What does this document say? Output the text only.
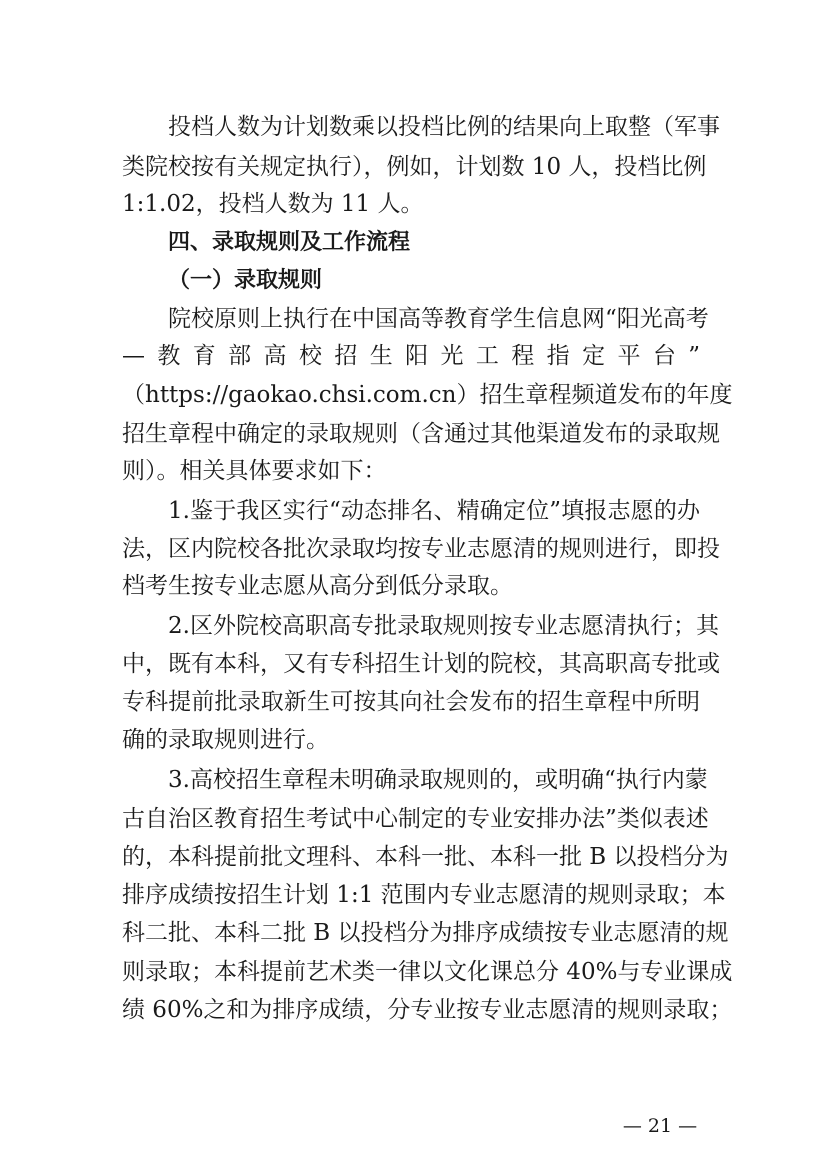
投档人数为计划数乘以投档比例的结果向上取整（军事
类院校按有关规定执行），例如，计划数 10 人，投档比例
1:1.02，投档人数为 11 人。
四、录取规则及工作流程
（一）录取规则
院校原则上执行在中国高等教育学生信息网“阳光高考
—教育部高校招生阳光工程指定平台”
（https://gaokao.chsi.com.cn）招生章程频道发布的年度
招生章程中确定的录取规则（含通过其他渠道发布的录取规
则）。相关具体要求如下：
1.鉴于我区实行“动态排名、精确定位”填报志愿的办
法，区内院校各批次录取均按专业志愿清的规则进行，即投
档考生按专业志愿从高分到低分录取。
2.区外院校高职高专批录取规则按专业志愿清执行；其
中，既有本科，又有专科招生计划的院校，其高职高专批或
专科提前批录取新生可按其向社会发布的招生章程中所明
确的录取规则进行。
3.高校招生章程未明确录取规则的，或明确“执行内蒙
古自治区教育招生考试中心制定的专业安排办法”类似表述
的，本科提前批文理科、本科一批、本科一批 B 以投档分为
排序成绩按招生计划 1:1 范围内专业志愿清的规则录取；本
科二批、本科二批 B 以投档分为排序成绩按专业志愿清的规
则录取；本科提前艺术类一律以文化课总分 40%与专业课成
绩 60%之和为排序成绩，分专业按专业志愿清的规则录取；
— 21 —
